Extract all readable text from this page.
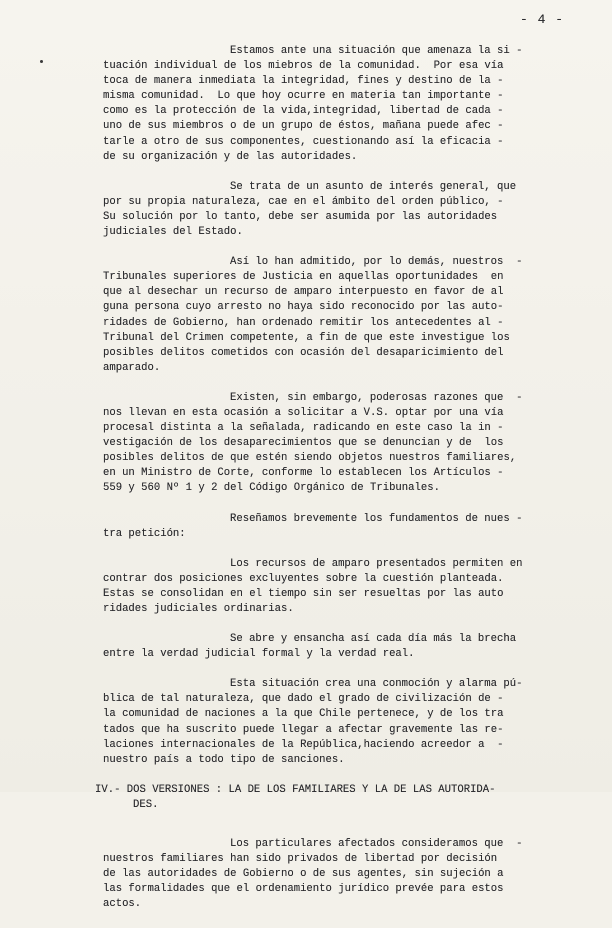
- 4 -
Estamos ante una situación que amenaza la si -
tuación individual de los miebros de la comunidad.  Por esa vía
toca de manera inmediata la integridad, fines y destino de la -
misma comunidad.  Lo que hoy ocurre en materia tan importante -
como es la protección de la vida,integridad, libertad de cada -
uno de sus miembros o de un grupo de éstos, mañana puede afec -
tarle a otro de sus componentes, cuestionando así la eficacia -
de su organización y de las autoridades.
Se trata de un asunto de interés general, que
por su propia naturaleza, cae en el ámbito del orden público, -
Su solución por lo tanto, debe ser asumida por las autoridades
judiciales del Estado.
Así lo han admitido, por lo demás, nuestros  -
Tribunales superiores de Justicia en aquellas oportunidades  en
que al desechar un recurso de amparo interpuesto en favor de al
guna persona cuyo arresto no haya sido reconocido por las auto-
ridades de Gobierno, han ordenado remitir los antecedentes al -
Tribunal del Crimen competente, a fin de que este investigue los
posibles delitos cometidos con ocasión del desaparicimiento del
amparado.
Existen, sin embargo, poderosas razones que  -
nos llevan en esta ocasión a solicitar a V.S. optar por una vía
procesal distinta a la señalada, radicando en este caso la in -
vestigación de los desaparecimientos que se denuncian y de  los
posibles delitos de que estén siendo objetos nuestros familiares,
en un Ministro de Corte, conforme lo establecen los Artículos -
559 y 560 Nº 1 y 2 del Código Orgánico de Tribunales.
Reseñamos brevemente los fundamentos de nues -
tra petición:
Los recursos de amparo presentados permiten en
contrar dos posiciones excluyentes sobre la cuestión planteada.
Estas se consolidan en el tiempo sin ser resueltas por las auto
ridades judiciales ordinarias.
Se abre y ensancha así cada día más la brecha
entre la verdad judicial formal y la verdad real.
Esta situación crea una conmoción y alarma pú-
blica de tal naturaleza, que dado el grado de civilización de -
la comunidad de naciones a la que Chile pertenece, y de los tra
tados que ha suscrito puede llegar a afectar gravemente las re-
laciones internacionales de la República,haciendo acreedor a  -
nuestro país a todo tipo de sanciones.
IV.- DOS VERSIONES : LA DE LOS FAMILIARES Y LA DE LAS AUTORIDA-
DES.
Los particulares afectados consideramos que  -
nuestros familiares han sido privados de libertad por decisión
de las autoridades de Gobierno o de sus agentes, sin sujeción a
las formalidades que el ordenamiento jurídico prevée para estos
actos.
